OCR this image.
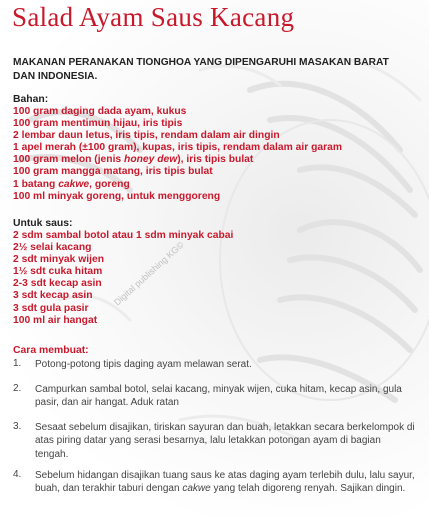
Salad Ayam Saus Kacang
MAKANAN PERANAKAN TIONGHOA YANG DIPENGARUHI MASAKAN BARAT DAN INDONESIA.
Bahan:
100 gram daging dada ayam, kukus
100 gram mentimun hijau, iris tipis
2 lembar daun letus, iris tipis, rendam dalam air dingin
1 apel merah (±100 gram), kupas, iris tipis, rendam dalam air garam
100 gram melon (jenis honey dew), iris tipis bulat
100 gram mangga matang, iris tipis bulat
1 batang cakwe, goreng
100 ml minyak goreng, untuk menggoreng
Untuk saus:
2 sdm sambal botol atau 1 sdm minyak cabai
2½ selai kacang
2 sdt minyak wijen
1½ sdt cuka hitam
2-3 sdt kecap asin
3 sdt kecap asin
3 sdt gula pasir
100 ml air hangat
Digital publishing KG©
Cara membuat:
1. Potong-potong tipis daging ayam melawan serat.
2. Campurkan sambal botol, selai kacang, minyak wijen, cuka hitam, kecap asin, gula pasir, dan air hangat. Aduk ratan
3. Sesaat sebelum disajikan, tiriskan sayuran dan buah, letakkan secara berkelompok di atas piring datar yang serasi besarnya, lalu letakkan potongan ayam di bagian tengah.
4. Sebelum hidangan disajikan tuang saus ke atas daging ayam terlebih dulu, lalu sayur, buah, dan terakhir taburi dengan cakwe yang telah digoreng renyah. Sajikan dingin.
